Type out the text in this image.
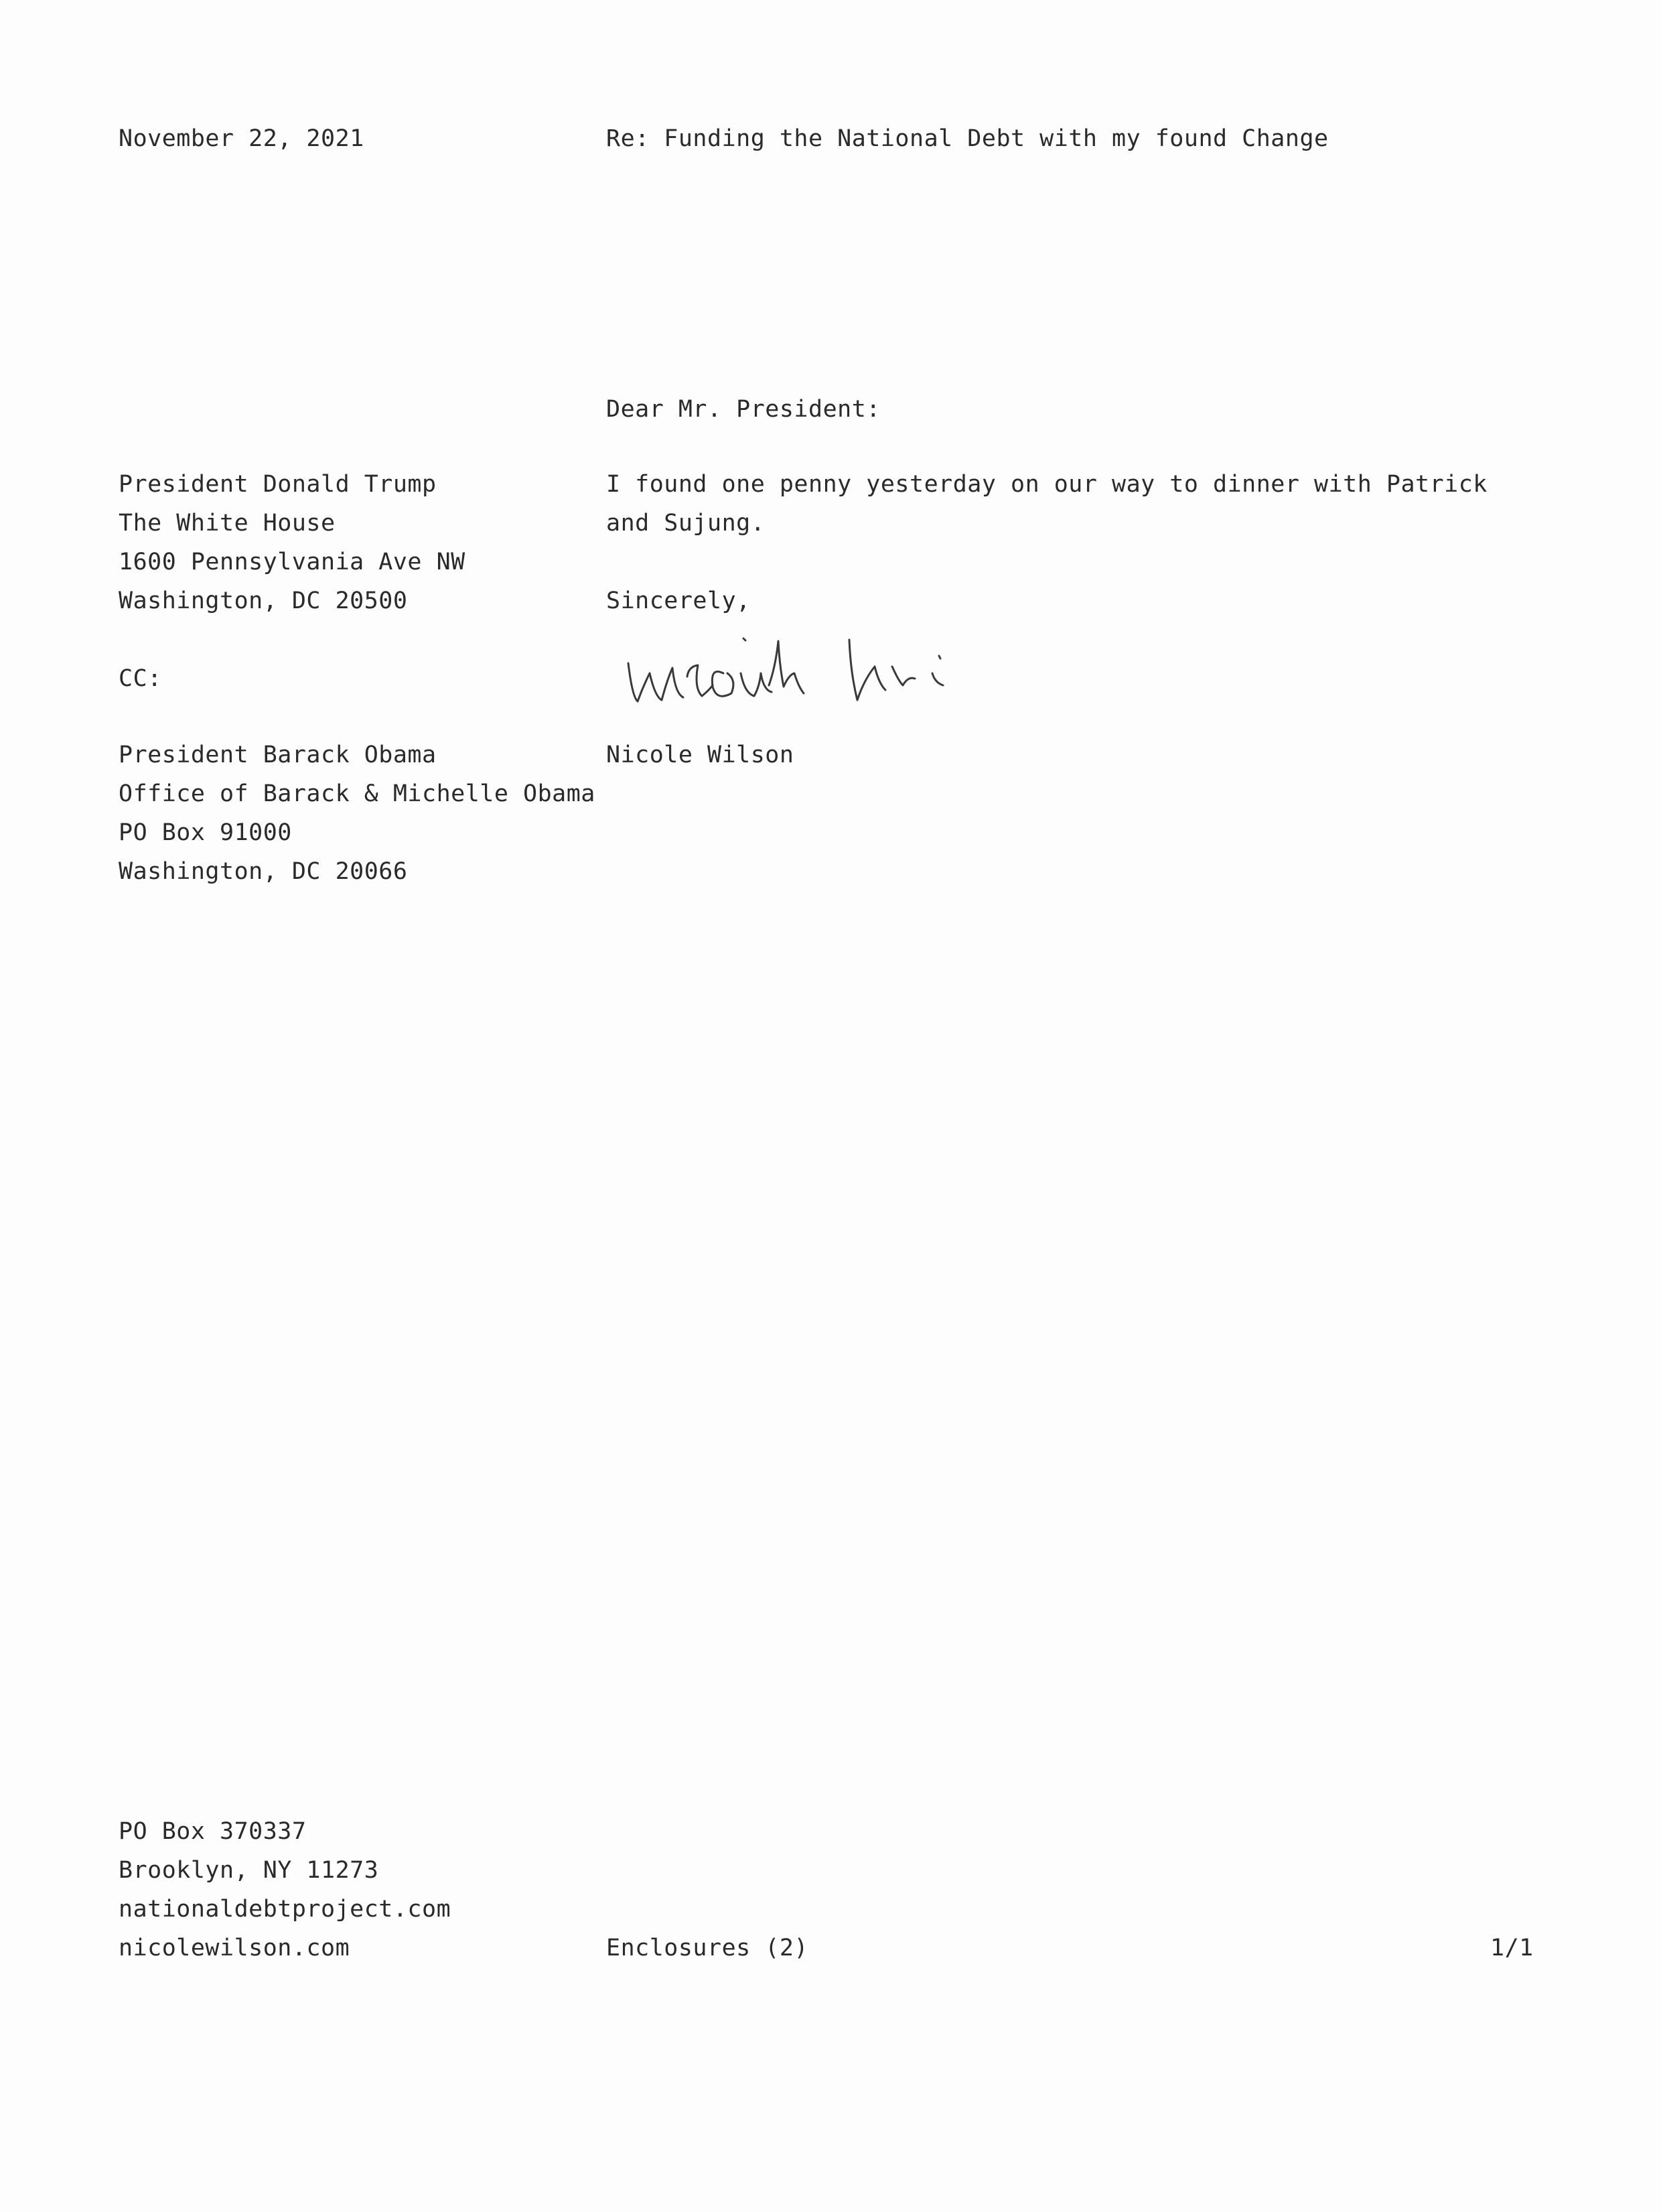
November 22, 2021	Re: Funding the National Debt with my found Change
Dear Mr. President:
President Donald Trump
The White House
1600 Pennsylvania Ave NW
Washington, DC 20500
I found one penny yesterday on our way to dinner with Patrick and Sujung.
Sincerely,
CC:
Nicole Wilson
President Barack Obama
Office of Barack & Michelle Obama
PO Box 91000
Washington, DC 20066
PO Box 370337
Brooklyn, NY 11273
nationaldebtproject.com
nicolewilson.com	Enclosures (2)	1/1
